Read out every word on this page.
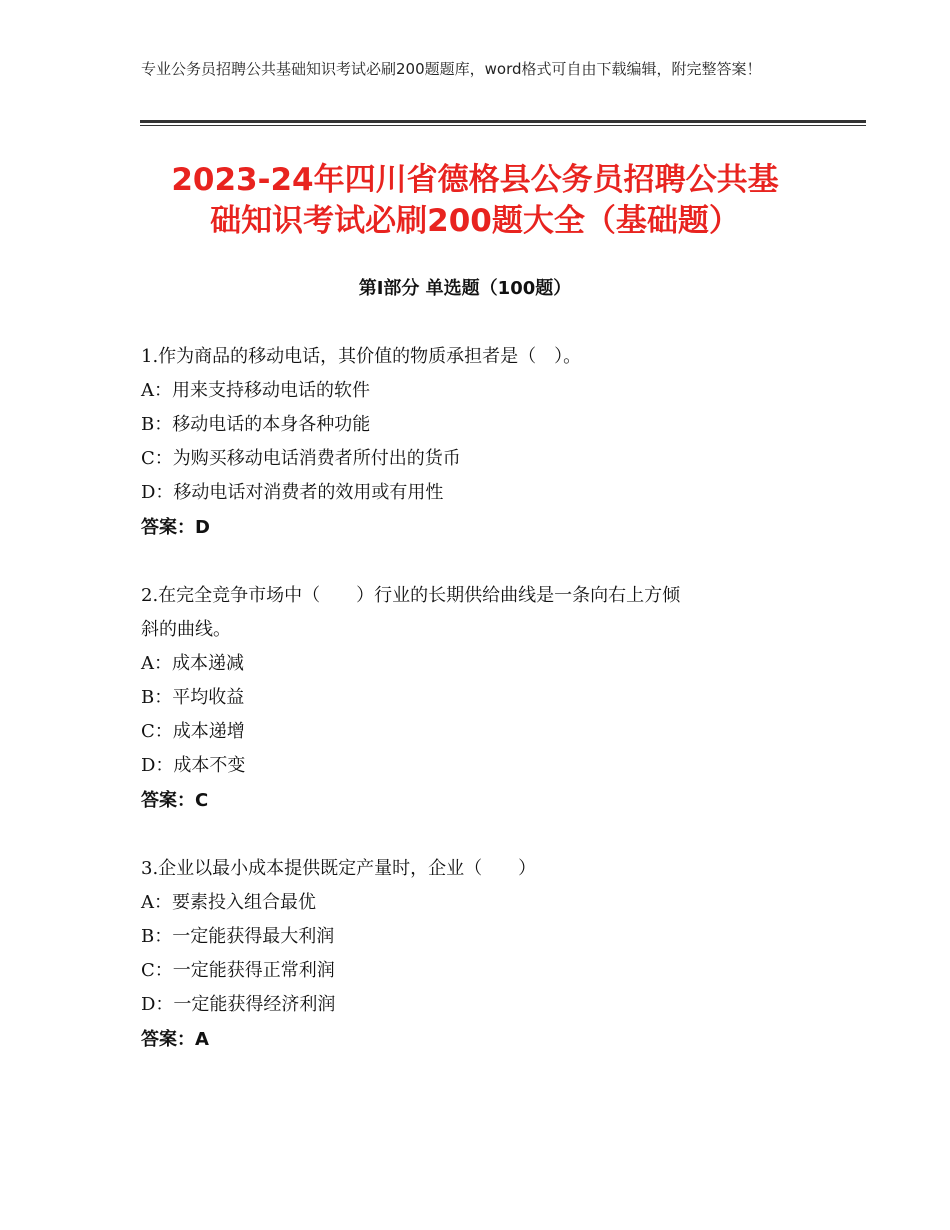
专业公务员招聘公共基础知识考试必刷200题题库，word格式可自由下载编辑，附完整答案！
2023-24年四川省德格县公务员招聘公共基
础知识考试必刷200题大全（基础题）
第Ⅰ部分 单选题（100题）
1.作为商品的移动电话，其价值的物质承担者是（　）。
A：用来支持移动电话的软件
B：移动电话的本身各种功能
C：为购买移动电话消费者所付出的货币
D：移动电话对消费者的效用或有用性
答案：D
2.在完全竞争市场中（　　）行业的长期供给曲线是一条向右上方倾
斜的曲线。
A：成本递减
B：平均收益
C：成本递增
D：成本不变
答案：C
3.企业以最小成本提供既定产量时，企业（　　）
A：要素投入组合最优
B：一定能获得最大利润
C：一定能获得正常利润
D：一定能获得经济利润
答案：A
